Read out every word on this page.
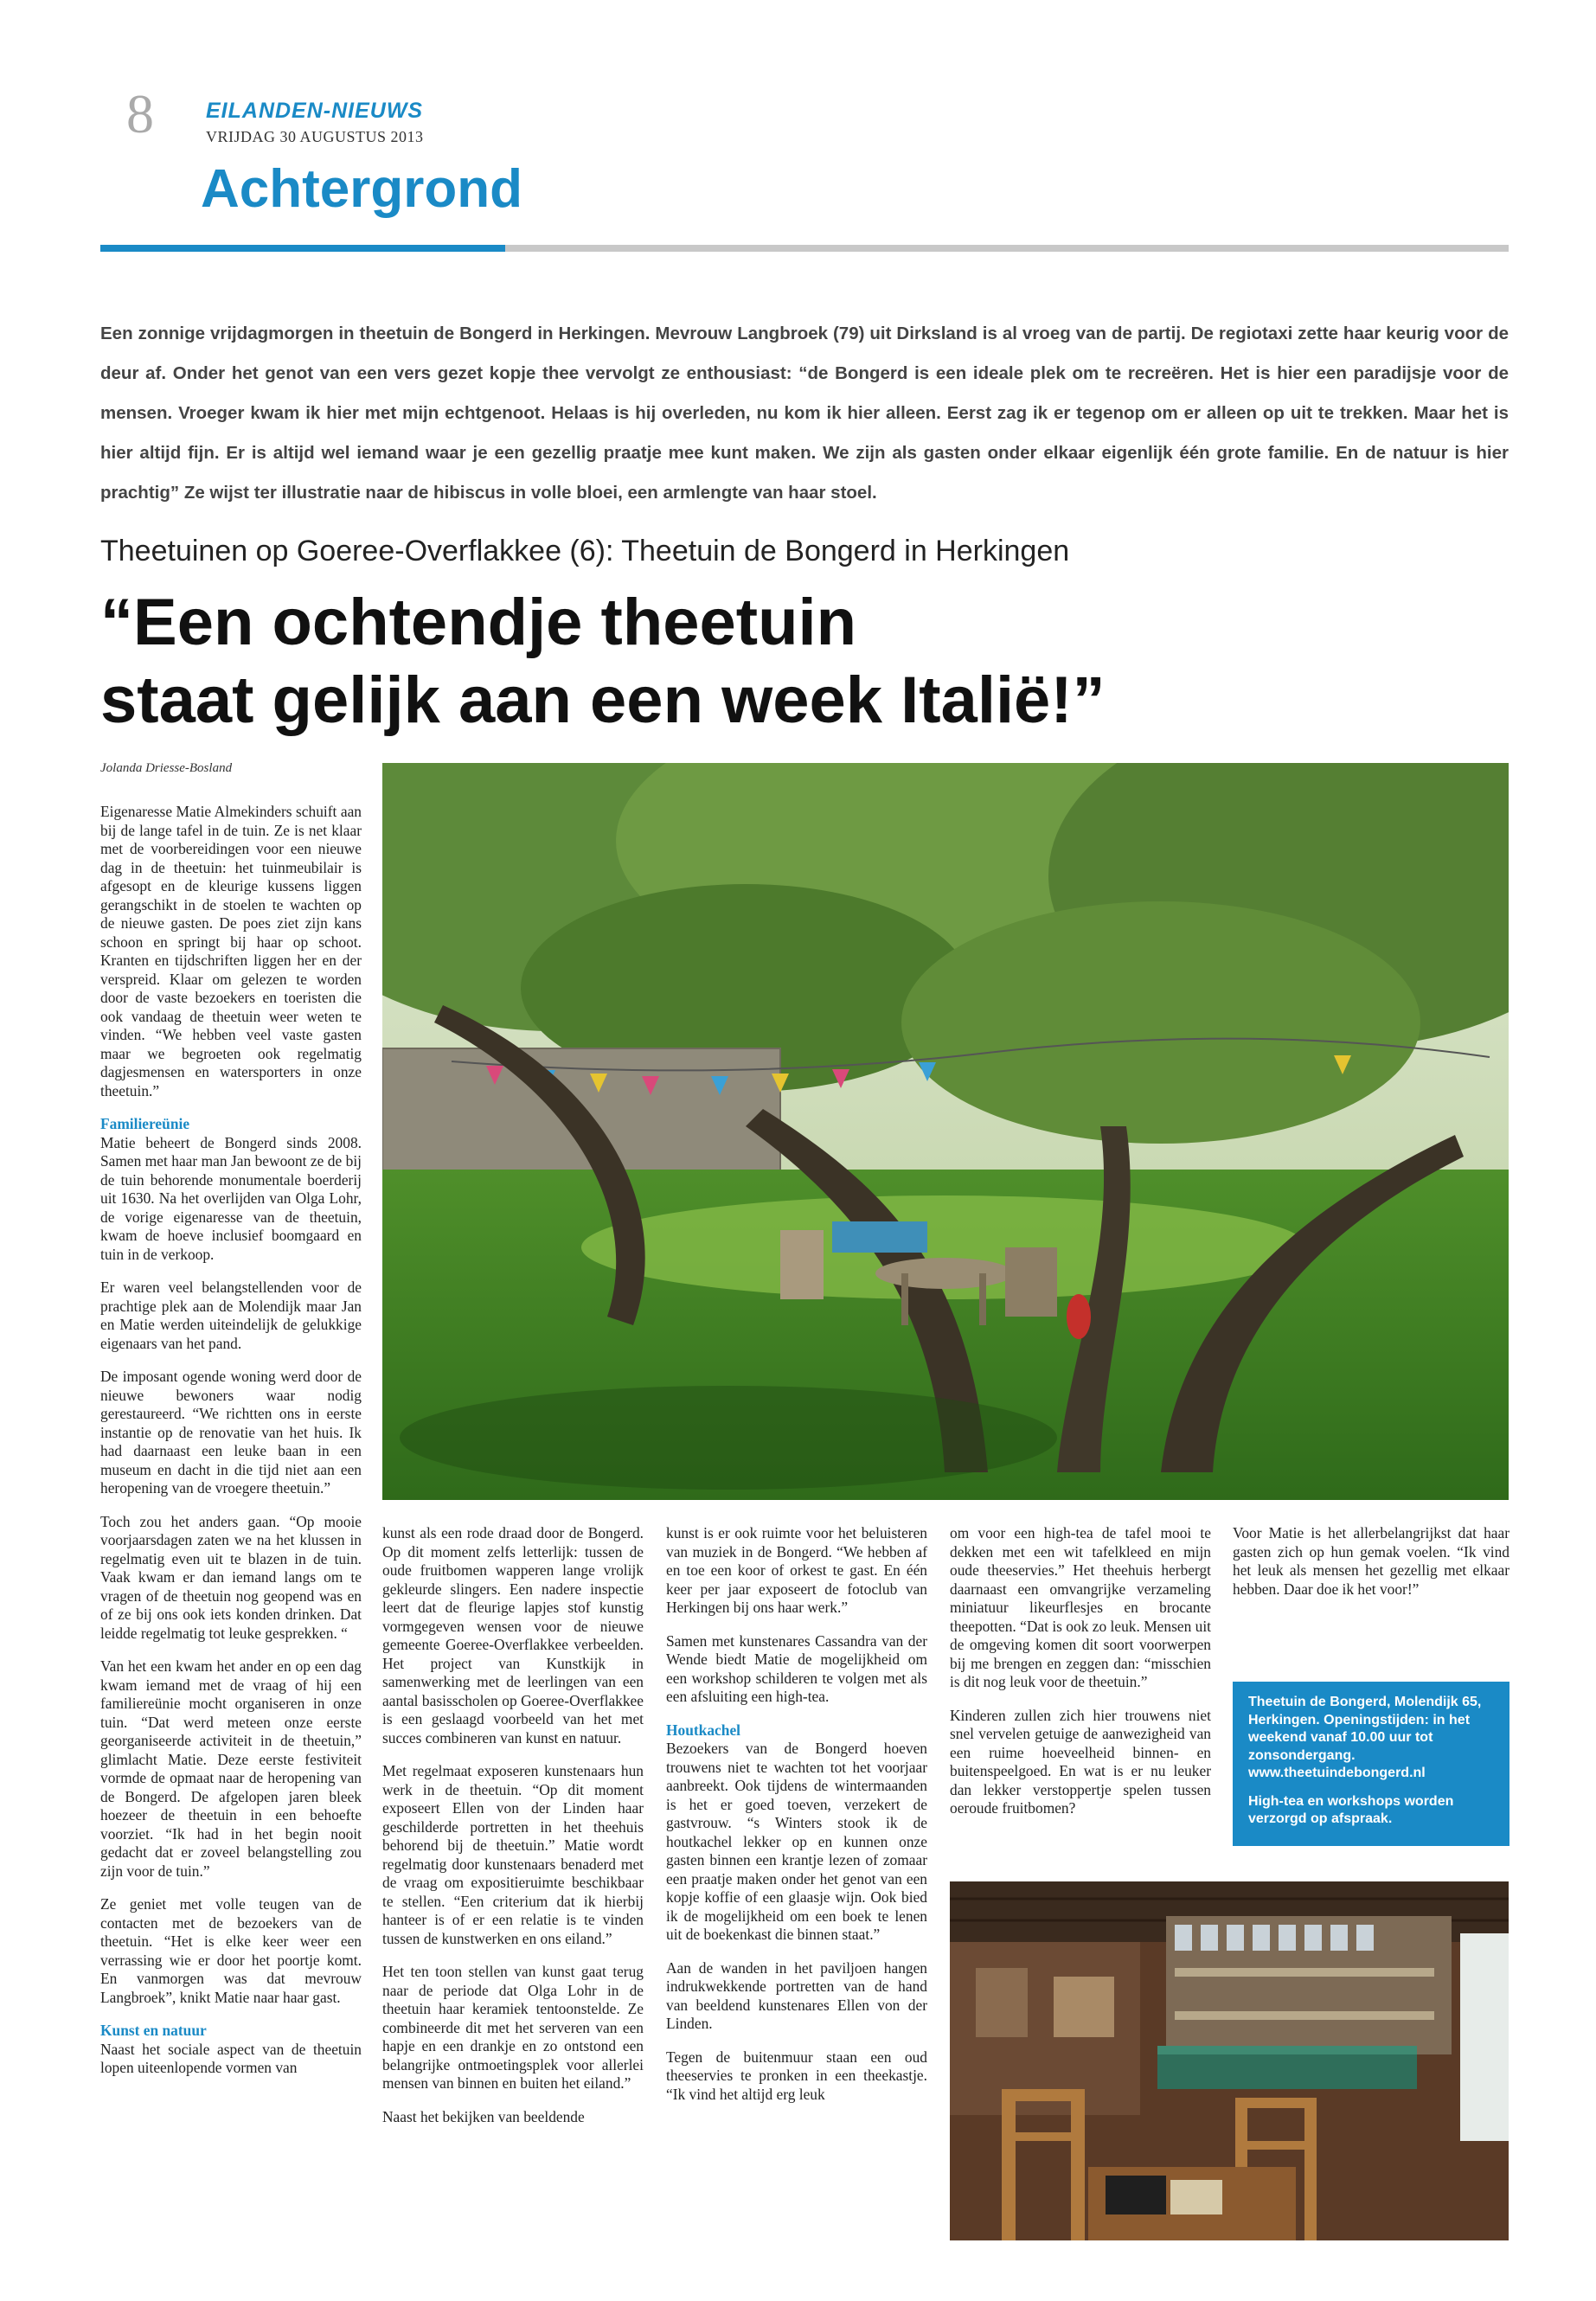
8 EILANDEN-NIEUWS
VRIJDAG 30 AUGUSTUS 2013
Achtergrond

Een zonnige vrijdagmorgen in theetuin de Bongerd in Herkingen. Mevrouw Langbroek (79) uit Dirksland is al vroeg van de partij. De regiotaxi zette haar keurig voor de deur af. Onder het genot van een vers gezet kopje thee vervolgt ze enthousiast: “de Bongerd is een ideale plek om te recreëren. Het is hier een paradijsje voor de mensen. Vroeger kwam ik hier met mijn echtgenoot. Helaas is hij overleden, nu kom ik hier alleen. Eerst zag ik er tegenop om er alleen op uit te trekken. Maar het is hier altijd fijn. Er is altijd wel iemand waar je een gezellig praatje mee kunt maken. We zijn als gasten onder elkaar eigenlijk één grote familie. En de natuur is hier prachtig” Ze wijst ter illustratie naar de hibiscus in volle bloei, een armlengte van haar stoel.

Theetuinen op Goeree-Overflakkee (6): Theetuin de Bongerd in Herkingen
“Een ochtendje theetuin
staat gelijk aan een week Italië!”
Jolanda Driesse-Bosland

Eigenaresse Matie Almekinders schuift aan bij de lange tafel in de tuin. Ze is net klaar met de voorbereidingen voor een nieuwe dag in de theetuin: het tuinmeubilair is afgesopt en de kleurige kussens liggen gerangschikt in de stoelen te wachten op de nieuwe gasten. De poes ziet zijn kans schoon en springt bij haar op schoot. Kranten en tijdschriften liggen her en der verspreid. Klaar om gelezen te worden door de vaste bezoekers en toeristen die ook vandaag de theetuin weer weten te vinden. “We hebben veel vaste gasten maar we begroeten ook regelmatig dagjesmensen en watersporters in onze theetuin.”

Familiereünie

Matie beheert de Bongerd sinds 2008. Samen met haar man Jan bewoont ze de bij de tuin behorende monumentale boerderij uit 1630. Na het overlijden van Olga Lohr, de vorige eigenaresse van de theetuin, kwam de hoeve inclusief boomgaard en tuin in de verkoop.

Er waren veel belangstellenden voor de prachtige plek aan de Molendijk maar Jan en Matie werden uiteindelijk de gelukkige eigenaars van het pand.

De imposant ogende woning werd door de nieuwe bewoners waar nodig gerestaureerd. “We richtten ons in eerste instantie op de renovatie van het huis. Ik had daarnaast een leuke baan in een museum en dacht in die tijd niet aan een heropening van de vroegere theetuin.”

Toch zou het anders gaan. “Op mooie voorjaarsdagen zaten we na het klussen in regelmatig even uit te blazen in de tuin. Vaak kwam er dan iemand langs om te vragen of de theetuin nog geopend was en of ze bij ons ook iets konden drinken. Dat leidde regelmatig tot leuke gesprekken. “

Van het een kwam het ander en op een dag kwam iemand met de vraag of hij een familiereünie mocht organiseren in onze tuin. “Dat werd meteen onze eerste georganiseerde activiteit in de theetuin,” glimlacht Matie. Deze eerste festiviteit vormde de opmaat naar de heropening van de Bongerd. De afgelopen jaren bleek hoezeer de theetuin in een behoefte voorziet. “Ik had in het begin nooit gedacht dat er zoveel belangstelling zou zijn voor de tuin.”

Ze geniet met volle teugen van de contacten met de bezoekers van de theetuin. “Het is elke keer weer een verrassing wie er door het poortje komt. En vanmorgen was dat mevrouw Langbroek”, knikt Matie naar haar gast.

Kunst en natuur

Naast het sociale aspect van de theetuin lopen uiteenlopende vormen van

kunst als een rode draad door de Bongerd. Op dit moment zelfs letterlijk: tussen de oude fruitbomen wapperen lange vrolijk gekleurde slingers. Een nadere inspectie leert dat de fleurige lapjes stof kunstig vormgegeven wensen voor de nieuwe gemeente Goeree-Overflakkee verbeelden. Het project van Kunstkijk in samenwerking met de leerlingen van een aantal basisscholen op Goeree-Overflakkee is een geslaagd voorbeeld van het met succes combineren van kunst en natuur.

Met regelmaat exposeren kunstenaars hun werk in de theetuin. “Op dit moment exposeert Ellen von der Linden haar geschilderde portretten in het theehuis behorend bij de theetuin.” Matie wordt regelmatig door kunstenaars benaderd met de vraag om expositieruimte beschikbaar te stellen. “Een criterium dat ik hierbij hanteer is of er een relatie is te vinden tussen de kunstwerken en ons eiland.”

Het ten toon stellen van kunst gaat terug naar de periode dat Olga Lohr in de theetuin haar keramiek tentoonstelde. Ze combineerde dit met het serveren van een hapje en een drankje en zo ontstond een belangrijke ontmoetingsplek voor allerlei mensen van binnen en buiten het eiland.”

Naast het bekijken van beeldende

kunst is er ook ruimte voor het beluisteren van muziek in de Bongerd. “We hebben af en toe een koor of orkest te gast. En één keer per jaar exposeert de fotoclub van Herkingen bij ons haar werk.”

Samen met kunstenares Cassandra van der Wende biedt Matie de mogelijkheid om een workshop schilderen te volgen met als een afsluiting een high-tea.

Houtkachel

Bezoekers van de Bongerd hoeven trouwens niet te wachten tot het voorjaar aanbreekt. Ook tijdens de wintermaanden is het er goed toeven, verzekert de gastvrouw. “s Winters stook ik de houtkachel lekker op en kunnen onze gasten binnen een krantje lezen of zomaar een praatje maken onder het genot van een kopje koffie of een glaasje wijn. Ook bied ik de mogelijkheid om een boek te lenen uit de boekenkast die binnen staat.”

Aan de wanden in het paviljoen hangen indrukwekkende portretten van de hand van beeldend kunstenares Ellen von der Linden.

Tegen de buitenmuur staan een oud theeservies te pronken in een theekastje. “Ik vind het altijd erg leuk

om voor een high-tea de tafel mooi te dekken met een wit tafelkleed en mijn oude theeservies.” Het theehuis herbergt daarnaast een omvangrijke verzameling miniatuur likeurflesjes en brocante theepotten. “Dat is ook zo leuk. Mensen uit de omgeving komen dit soort voorwerpen bij me brengen en zeggen dan: “misschien is dit nog leuk voor de theetuin.”

Kinderen zullen zich hier trouwens niet snel vervelen getuige de aanwezigheid van een ruime hoeveelheid binnen- en buitenspeelgoed. En wat is er nu leuker dan lekker verstoppertje spelen tussen oeroude fruitbomen?

Voor Matie is het allerbelangrijkst dat haar gasten zich op hun gemak voelen. “Ik vind het leuk als mensen het gezellig met elkaar hebben. Daar doe ik het voor!”

Theetuin de Bongerd, Molendijk 65, Herkingen. Openingstijden: in het weekend vanaf 10.00 uur tot zonsondergang. www.theetuindebongerd.nl

High-tea en workshops worden verzorgd op afspraak.
